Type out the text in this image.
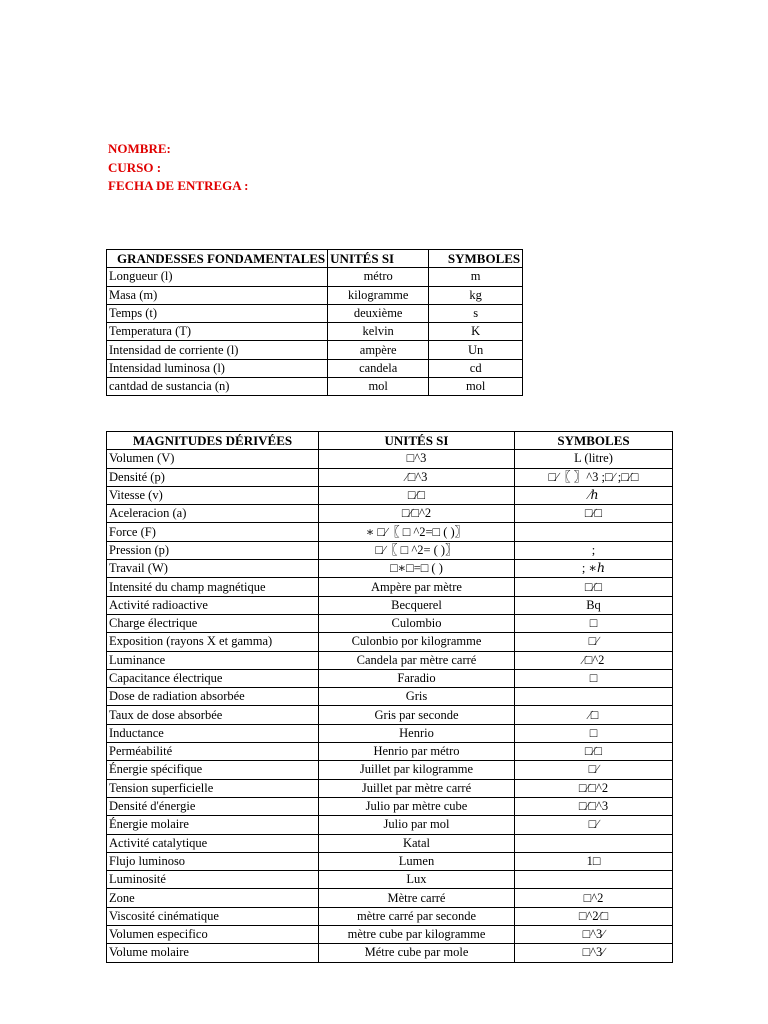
NOMBRE:
CURSO :
FECHA DE ENTREGA :
GRANDESSES FONDAMENTALES	UNITÉS SI	SYMBOLES
Longueur (l)	métro	m
Masa (m)	kilogramme	kg
Temps (t)	deuxième	s
Temperatura (T)	kelvin	K
Intensidad de corriente (l)	ampère	Un
Intensidad luminosa (l)	candela	cd
cantdad de sustancia (n)	mol	mol
MAGNITUDES DÉRIVÉES	UNITÉS SI	SYMBOLES
Volumen (V)	□^3	L (litre)
Densité (p)	∕□^3	□∕〖 〗^3 ;□∕ ;□∕□
Vitesse (v)	□∕□	∕ℎ
Aceleracion (a)	□∕□^2	□∕□
Force (F)	∗ □∕〖 □ ^2=□ ( )〗	
Pression (p)	□∕〖 □ ^2= ( )〗	;
Travail (W)	□∗□=□ ( )	; ∗ℎ
Intensité du champ magnétique	Ampère par mètre	□∕□
Activité radioactive	Becquerel	Bq
Charge électrique	Culombio	□
Exposition (rayons X et gamma)	Culonbio por kilogramme	□∕
Luminance	Candela par mètre carré	∕□^2
Capacitance électrique	Faradio	□
Dose de radiation absorbée	Gris	
Taux de dose absorbée	Gris par seconde	∕□
Inductance	Henrio	□
Perméabilité	Henrio par métro	□∕□
Énergie spécifique	Juillet par kilogramme	□∕
Tension superficielle	Juillet par mètre carré	□∕□^2
Densité d'énergie	Julio par mètre cube	□∕□^3
Énergie molaire	Julio par mol	□∕
Activité catalytique	Katal	
Flujo luminoso	Lumen	1□
Luminosité	Lux	
Zone	Mètre carré	□^2
Viscosité cinématique	mètre carré par seconde	□^2∕□
Volumen especifico	mètre cube par kilogramme	□^3∕
Volume molaire	Métre cube par mole	□^3∕
